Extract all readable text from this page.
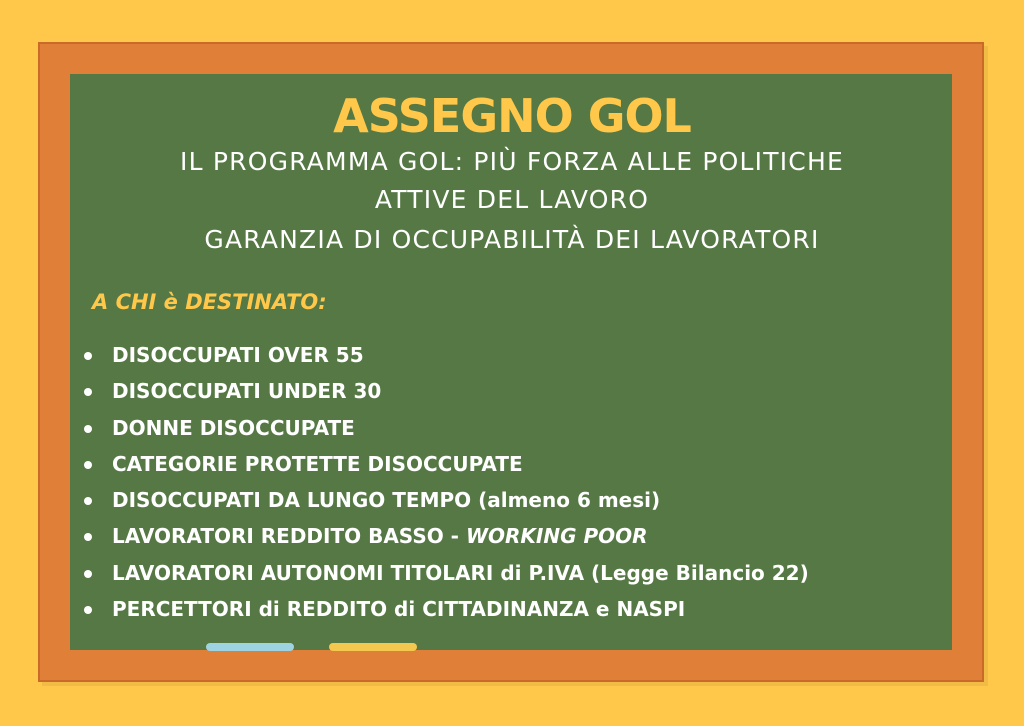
ASSEGNO GOL

IL PROGRAMMA GOL: PIÙ FORZA ALLE POLITICHE

ATTIVE DEL LAVORO

GARANZIA DI OCCUPABILITÀ DEI LAVORATORI

A CHI è DESTINATO:
DISOCCUPATI OVER 55
DISOCCUPATI UNDER 30
DONNE DISOCCUPATE
CATEGORIE PROTETTE DISOCCUPATE
DISOCCUPATI DA LUNGO TEMPO (almeno 6 mesi)
LAVORATORI REDDITO BASSO - WORKING POOR
LAVORATORI AUTONOMI TITOLARI di P.IVA (Legge Bilancio 22)
PERCETTORI di REDDITO di CITTADINANZA e NASPI
